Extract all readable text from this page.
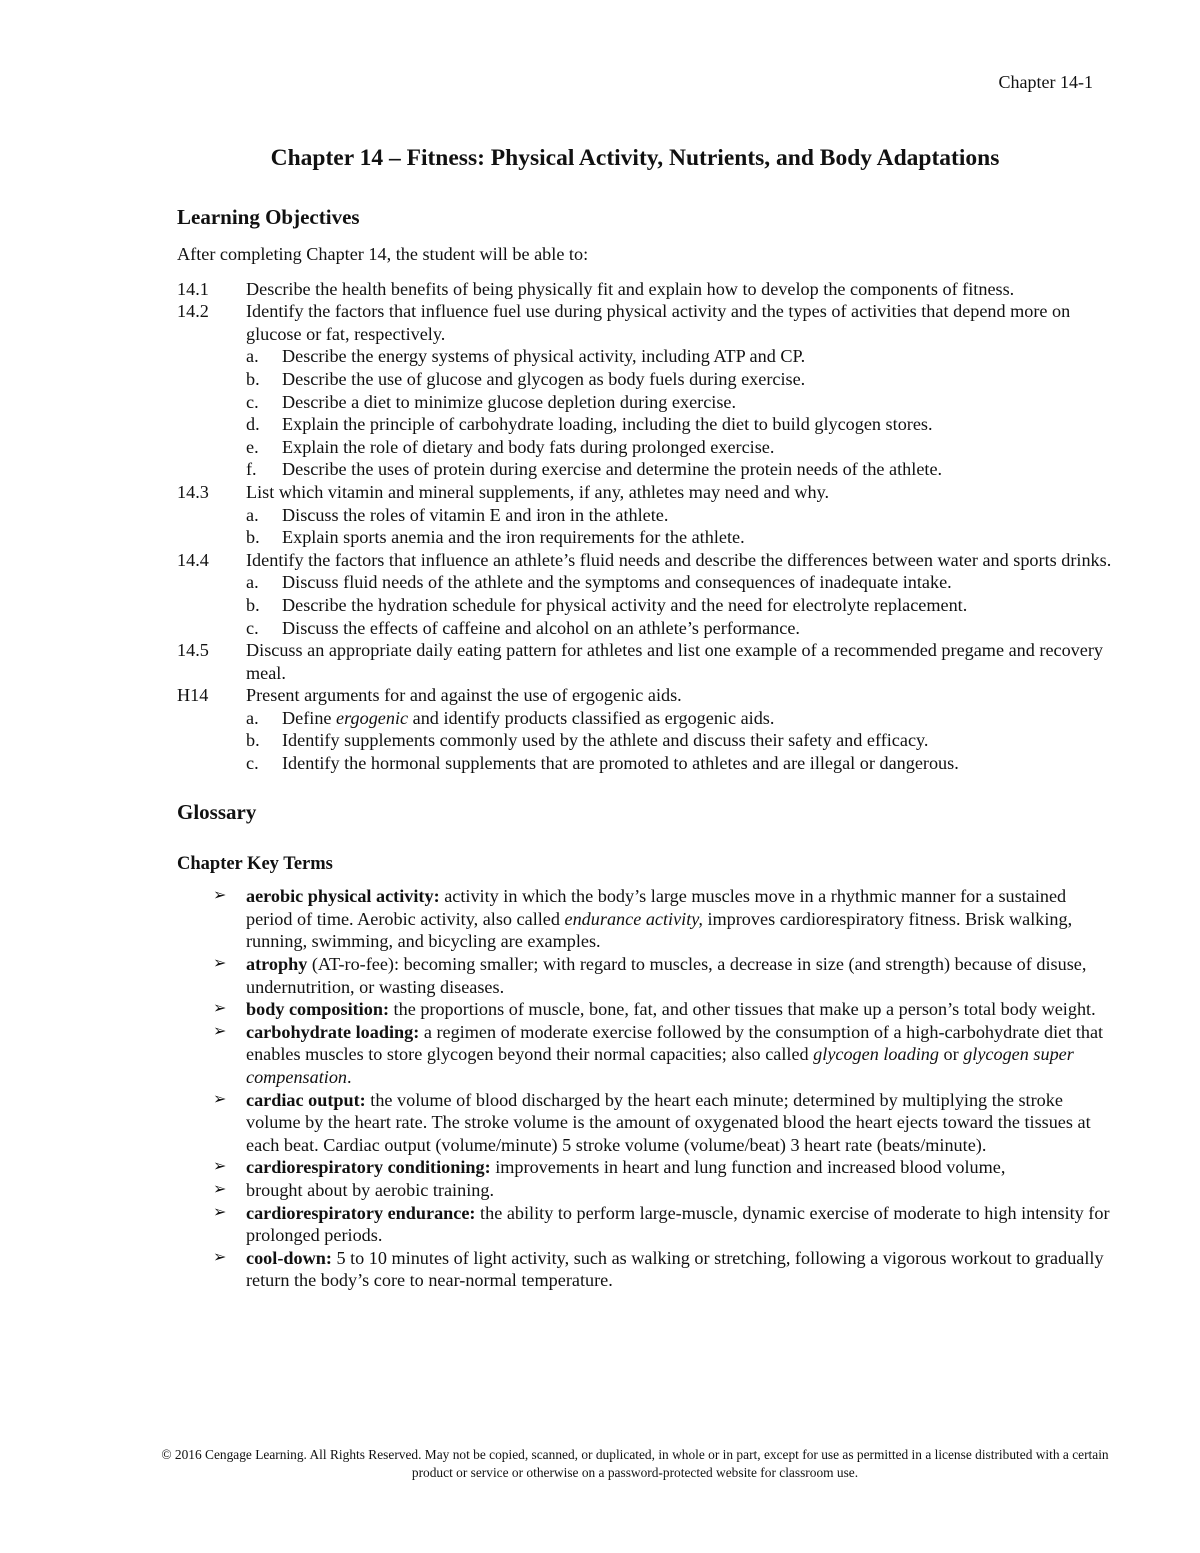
Chapter 14-1
Chapter 14 – Fitness: Physical Activity, Nutrients, and Body Adaptations
Learning Objectives
After completing Chapter 14, the student will be able to:
14.1	Describe the health benefits of being physically fit and explain how to develop the components of fitness.
14.2	Identify the factors that influence fuel use during physical activity and the types of activities that depend more on glucose or fat, respectively.
a.	Describe the energy systems of physical activity, including ATP and CP.
b.	Describe the use of glucose and glycogen as body fuels during exercise.
c.	Describe a diet to minimize glucose depletion during exercise.
d.	Explain the principle of carbohydrate loading, including the diet to build glycogen stores.
e.	Explain the role of dietary and body fats during prolonged exercise.
f.	Describe the uses of protein during exercise and determine the protein needs of the athlete.
14.3	List which vitamin and mineral supplements, if any, athletes may need and why.
a.	Discuss the roles of vitamin E and iron in the athlete.
b.	Explain sports anemia and the iron requirements for the athlete.
14.4	Identify the factors that influence an athlete’s fluid needs and describe the differences between water and sports drinks.
a.	Discuss fluid needs of the athlete and the symptoms and consequences of inadequate intake.
b.	Describe the hydration schedule for physical activity and the need for electrolyte replacement.
c.	Discuss the effects of caffeine and alcohol on an athlete’s performance.
14.5	Discuss an appropriate daily eating pattern for athletes and list one example of a recommended pregame and recovery meal.
H14	Present arguments for and against the use of ergogenic aids.
a.	Define ergogenic and identify products classified as ergogenic aids.
b.	Identify supplements commonly used by the athlete and discuss their safety and efficacy.
c.	Identify the hormonal supplements that are promoted to athletes and are illegal or dangerous.
Glossary
Chapter Key Terms
➢	aerobic physical activity: activity in which the body’s large muscles move in a rhythmic manner for a sustained period of time. Aerobic activity, also called endurance activity, improves cardiorespiratory fitness. Brisk walking, running, swimming, and bicycling are examples.
➢	atrophy (AT-ro-fee): becoming smaller; with regard to muscles, a decrease in size (and strength) because of disuse, undernutrition, or wasting diseases.
➢	body composition: the proportions of muscle, bone, fat, and other tissues that make up a person’s total body weight.
➢	carbohydrate loading: a regimen of moderate exercise followed by the consumption of a high-carbohydrate diet that enables muscles to store glycogen beyond their normal capacities; also called glycogen loading or glycogen super compensation.
➢	cardiac output: the volume of blood discharged by the heart each minute; determined by multiplying the stroke volume by the heart rate. The stroke volume is the amount of oxygenated blood the heart ejects toward the tissues at each beat. Cardiac output (volume/minute) 5 stroke volume (volume/beat) 3 heart rate (beats/minute).
➢	cardiorespiratory conditioning: improvements in heart and lung function and increased blood volume,
➢	brought about by aerobic training.
➢	cardiorespiratory endurance: the ability to perform large-muscle, dynamic exercise of moderate to high intensity for prolonged periods.
➢	cool-down: 5 to 10 minutes of light activity, such as walking or stretching, following a vigorous workout to gradually return the body’s core to near-normal temperature.
© 2016 Cengage Learning. All Rights Reserved. May not be copied, scanned, or duplicated, in whole or in part, except for use as permitted in a license distributed with a certain product or service or otherwise on a password-protected website for classroom use.
